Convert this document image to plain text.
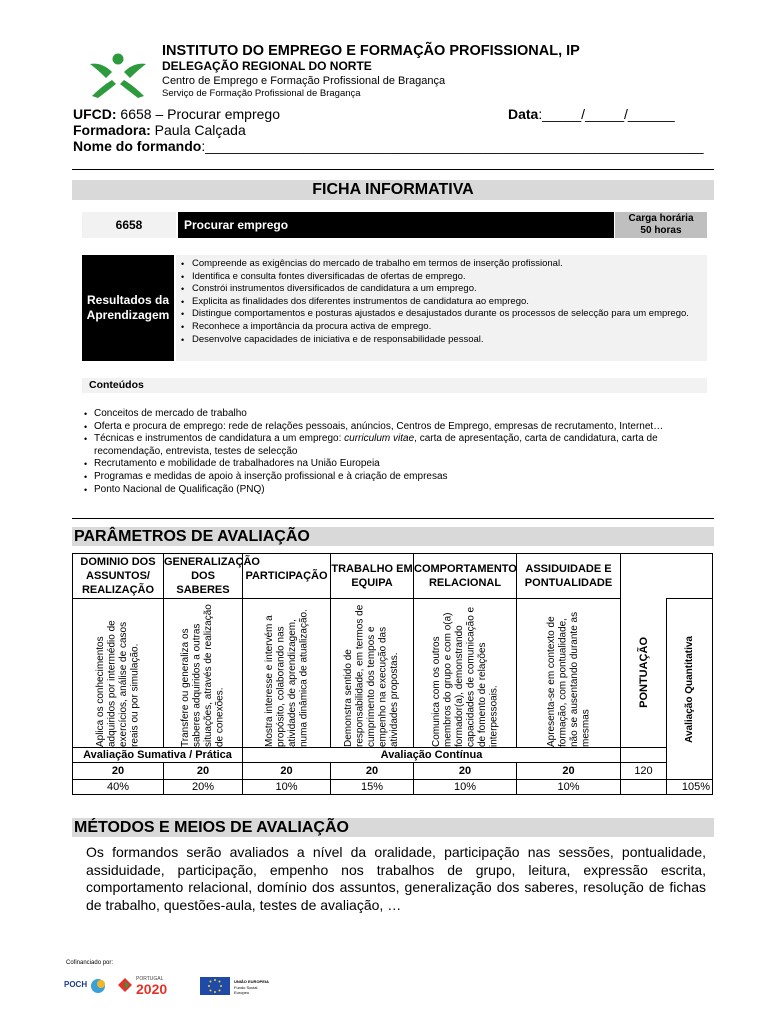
INSTITUTO DO EMPREGO E FORMAÇÃO PROFISSIONAL, IP
DELEGAÇÃO REGIONAL DO NORTE
Centro de Emprego e Formação Profissional de Bragança
Serviço de Formação Profissional de Bragança
UFCD: 6658 – Procurar emprego	Data:_____/_____/______
Formadora: Paula Calçada
Nome do formando:________________________________________________________________
FICHA INFORMATIVA
6658	Procurar emprego	Carga horária
50 horas
Resultados da Aprendizagem
• Compreende as exigências do mercado de trabalho em termos de inserção profissional.
• Identifica e consulta fontes diversificadas de ofertas de emprego.
• Constrói instrumentos diversificados de candidatura a um emprego.
• Explicita as finalidades dos diferentes instrumentos de candidatura ao emprego.
• Distingue comportamentos e posturas ajustados e desajustados durante os processos de selecção para um emprego.
• Reconhece a importância da procura activa de emprego.
• Desenvolve capacidades de iniciativa e de responsabilidade pessoal.
Conteúdos
• Conceitos de mercado de trabalho
• Oferta e procura de emprego: rede de relações pessoais, anúncios, Centros de Emprego, empresas de recrutamento, Internet…
• Técnicas e instrumentos de candidatura a um emprego: curriculum vitae, carta de apresentação, carta de candidatura, carta de recomendação, entrevista, testes de selecção
• Recrutamento e mobilidade de trabalhadores na União Europeia
• Programas e medidas de apoio à inserção profissional e à criação de empresas
• Ponto Nacional de Qualificação (PNQ)
PARÂMETROS DE AVALIAÇÃO
DOMINIO DOS ASSUNTOS/ REALIZAÇÃO	GENERALIZAÇÃO DOS SABERES	PARTICIPAÇÃO	TRABALHO EM EQUIPA	COMPORTAMENTO RELACIONAL	ASSIDUIDADE E PONTUALIDADE		

Aplica os conhecimentos adquiridos por intermédio de exercícios, análise de casos reais ou por simulação.	Transfere ou generaliza os saberes adquiridos a outras situações, através de realização de conexões.	Mostra interesse e intervém a propósito, colaborando nas atividades de aprendizagem, numa dinâmica de atualização.	Demonstra sentido de responsabilidade, em termos de cumprimento dos tempos e empenho na execução das atividades propostas.	Comunica com os outros membros do grupo e com o(a) formador(a), demonstrando capacidades de comunicação e de fomento de relações interpessoais.	Apresenta-se em contexto de formação, com pontualidade, não se ausentando durante as mesmas	PONTUAÇÃO	Avaliação Quantitativa

Avaliação Sumativa / Prática		Avaliação Contínua					
20	20	20	20	20	20	120	
40%	20%	10%	15%	10%	10%		105%
MÉTODOS E MEIOS DE AVALIAÇÃO
Os formandos serão avaliados a nível da oralidade, participação nas sessões, pontualidade, assiduidade, participação, empenho nos trabalhos de grupo, leitura, expressão escrita, comportamento relacional, domínio dos assuntos, generalização dos saberes, resolução de fichas de trabalho, questões-aula, testes de avaliação, …
Cofinanciado por:
POCH
PORTUGAL
2020	UNIÃO EUROPEIA
Fundo Social Europeu
